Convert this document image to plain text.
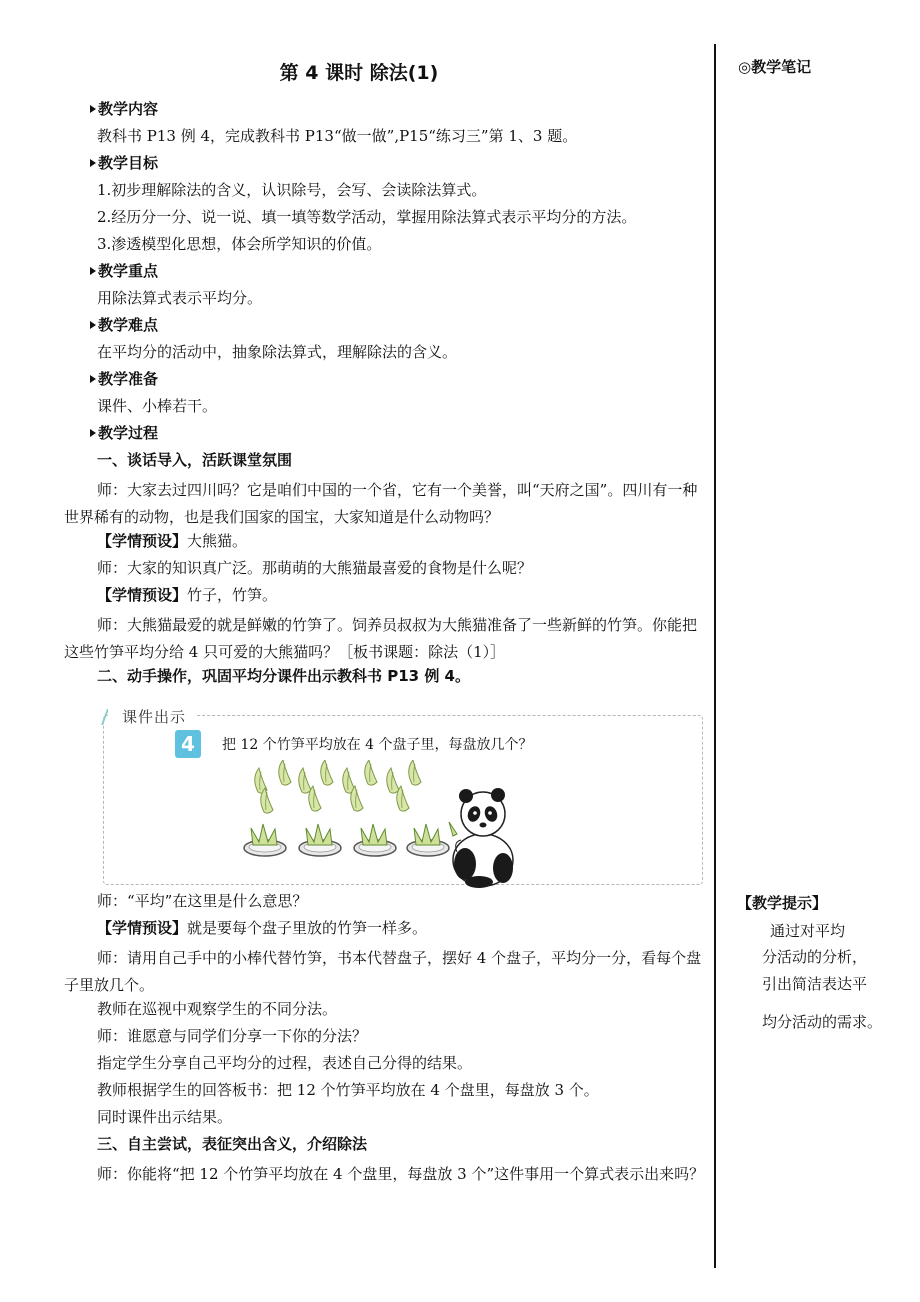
第 4 课时 除法(1)
教学内容
教科书 P13 例 4，完成教科书 P13“做一做”,P15“练习三”第 1、3 题。
教学目标
1.初步理解除法的含义，认识除号，会写、会读除法算式。
2.经历分一分、说一说、填一填等数学活动，掌握用除法算式表示平均分的方法。
3.渗透模型化思想，体会所学知识的价值。
教学重点
用除法算式表示平均分。
教学难点
在平均分的活动中，抽象除法算式，理解除法的含义。
教学准备
课件、小棒若干。
教学过程
一、谈话导入，活跃课堂氛围
师：大家去过四川吗？它是咱们中国的一个省，它有一个美誉，叫“天府之国”。四川有一种世界稀有的动物，也是我们国家的国宝，大家知道是什么动物吗？
【学情预设】大熊猫。
师：大家的知识真广泛。那萌萌的大熊猫最喜爱的食物是什么呢？
【学情预设】竹子，竹笋。
师：大熊猫最爱的就是鲜嫩的竹笋了。饲养员叔叔为大熊猫准备了一些新鲜的竹笋。你能把这些竹笋平均分给 4 只可爱的大熊猫吗？［板书课题：除法（1）］
二、动手操作，巩固平均分课件出示教科书 P13 例 4。
课件出示
4	把 12 个竹笋平均放在 4 个盘子里，每盘放几个？
师：“平均”在这里是什么意思？
【学情预设】就是要每个盘子里放的竹笋一样多。
师：请用自己手中的小棒代替竹笋，书本代替盘子，摆好 4 个盘子，平均分一分，看每个盘子里放几个。
教师在巡视中观察学生的不同分法。
师：谁愿意与同学们分享一下你的分法？
指定学生分享自己平均分的过程，表述自己分得的结果。
教师根据学生的回答板书：把 12 个竹笋平均放在 4 个盘里，每盘放 3 个。
同时课件出示结果。
三、自主尝试，表征突出含义，介绍除法
师：你能将“把 12 个竹笋平均放在 4 个盘里，每盘放 3 个”这件事用一个算式表示出来吗？
◎教学笔记
【教学提示】
通过对平均
分活动的分析，
引出简洁表达平
均分活动的需求。
